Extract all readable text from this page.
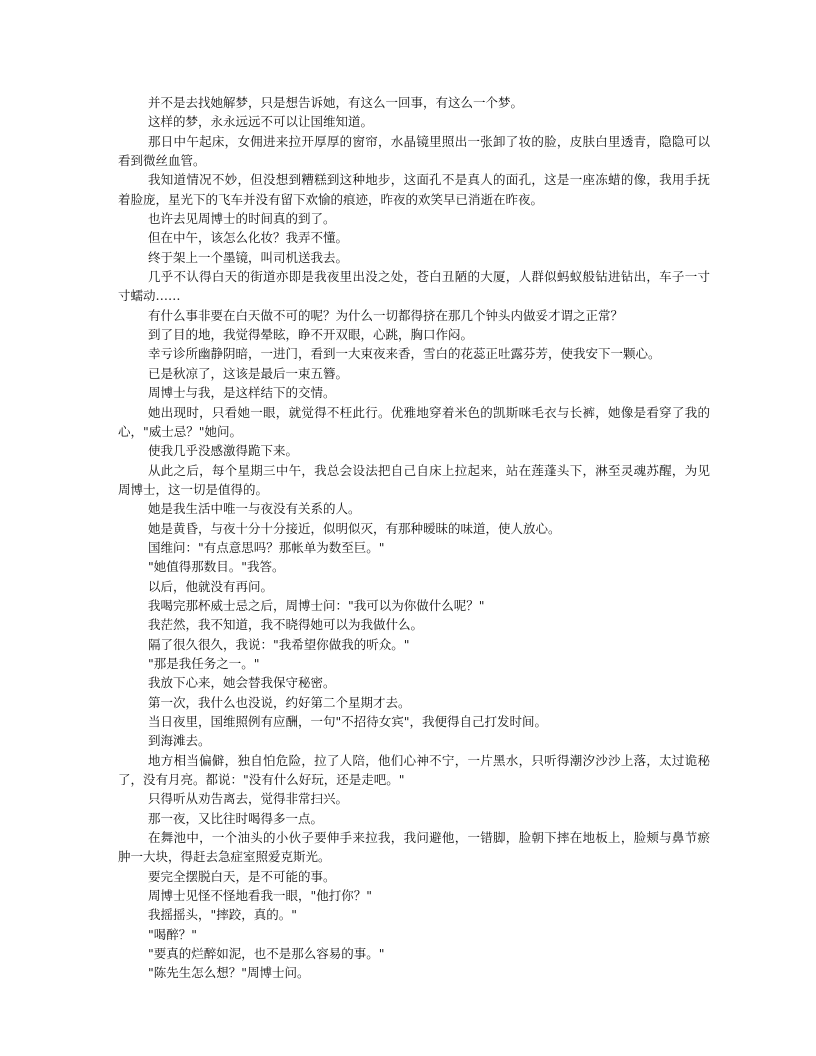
并不是去找她解梦，只是想告诉她，有这么一回事，有这么一个梦。

这样的梦，永永远远不可以让国维知道。

那日中午起床，女佣进来拉开厚厚的窗帘，水晶镜里照出一张卸了妆的脸，皮肤白里透青，隐隐可以看到微丝血管。

我知道情况不妙，但没想到糟糕到这种地步，这面孔不是真人的面孔，这是一座冻蜡的像，我用手抚着脸庞，星光下的飞车并没有留下欢愉的痕迹，昨夜的欢笑早已消逝在昨夜。

也许去见周博士的时间真的到了。

但在中午，该怎么化妆？我弄不懂。

终于架上一个墨镜，叫司机送我去。

几乎不认得白天的街道亦即是我夜里出没之处，苍白丑陋的大厦，人群似蚂蚁般钻进钻出，车子一寸寸蠕动……

有什么事非要在白天做不可的呢？为什么一切都得挤在那几个钟头内做妥才谓之正常？

到了目的地，我觉得晕眩，睁不开双眼，心跳，胸口作闷。

幸亏诊所幽静阴暗，一进门，看到一大束夜来香，雪白的花蕊正吐露芬芳，使我安下一颗心。

已是秋凉了，这该是最后一束五簪。

周博士与我，是这样结下的交情。

她出现时，只看她一眼，就觉得不枉此行。优雅地穿着米色的凯斯咪毛衣与长裤，她像是看穿了我的心，"威士忌？"她问。

使我几乎没感激得跪下来。

从此之后，每个星期三中午，我总会设法把自己自床上拉起来，站在莲蓬头下，淋至灵魂苏醒，为见周博士，这一切是值得的。

她是我生活中唯一与夜没有关系的人。

她是黄昏，与夜十分十分接近，似明似灭，有那种暧昧的味道，使人放心。

国维问："有点意思吗？那帐单为数至巨。"

"她值得那数目。"我答。

以后，他就没有再问。

我喝完那杯威士忌之后，周博士问："我可以为你做什么呢？"

我茫然，我不知道，我不晓得她可以为我做什么。

隔了很久很久，我说："我希望你做我的听众。"

"那是我任务之一。"

我放下心来，她会替我保守秘密。

第一次，我什么也没说，约好第二个星期才去。

当日夜里，国维照例有应酬，一句"不招待女宾"，我便得自己打发时间。

到海滩去。

地方相当偏僻，独自怕危险，拉了人陪，他们心神不宁，一片黑水，只听得潮汐沙沙上落，太过诡秘了，没有月亮。都说："没有什么好玩，还是走吧。"

只得听从劝告离去，觉得非常扫兴。

那一夜，又比往时喝得多一点。

在舞池中，一个油头的小伙子要伸手来拉我，我问避他，一错脚，脸朝下摔在地板上，脸颊与鼻节瘀肿一大块，得赶去急症室照爱克斯光。

要完全摆脱白天，是不可能的事。

周博士见怪不怪地看我一眼，"他打你？"

我摇摇头，"摔跤，真的。"

"喝醉？"

"要真的烂醉如泥，也不是那么容易的事。"

"陈先生怎么想？"周博士问。
